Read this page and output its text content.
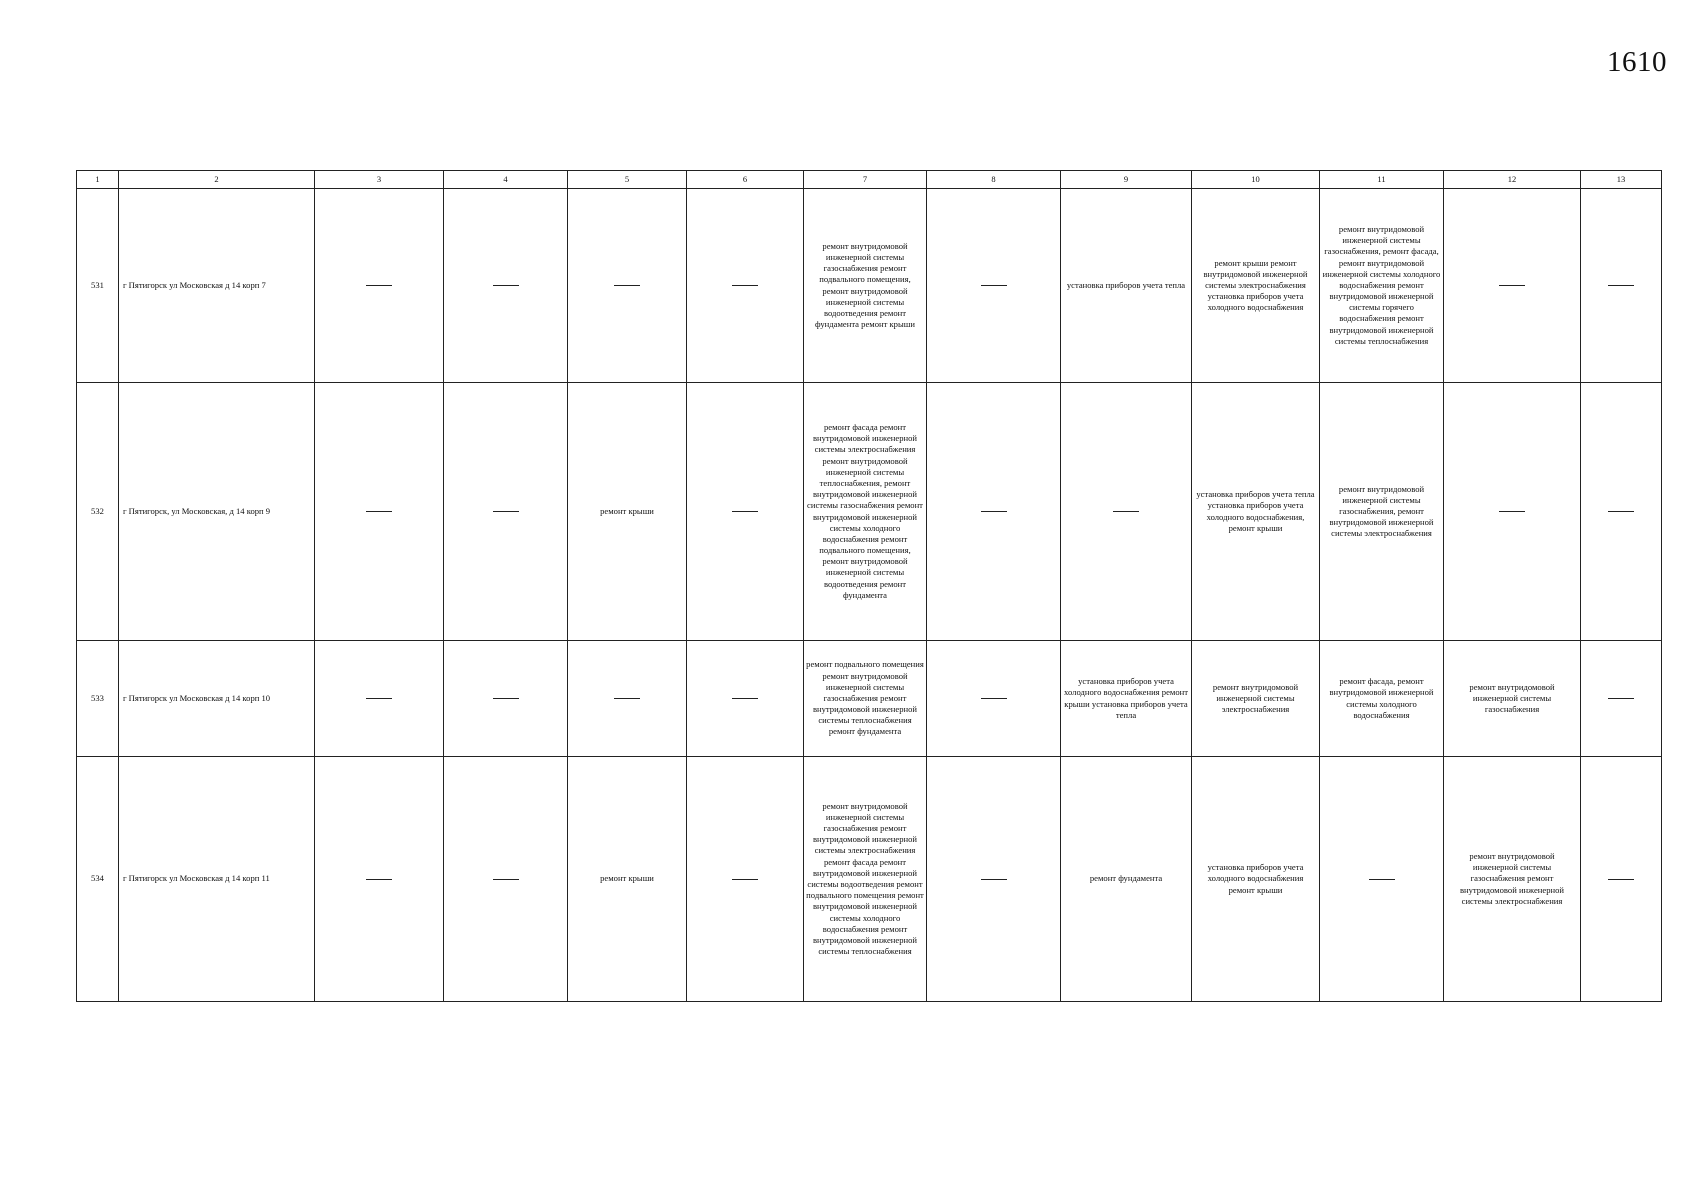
1610
1	2	3	4	5	6	7	8	9	10	11	12	13
531	г Пятигорск ул Московская д 14 корп 7					ремонт внутридомовой инженерной системы газоснабжения ремонт подвального помещения, ремонт внутридомовой инженерной системы водоотведения ремонт фундамента ремонт крыши		установка приборов учета тепла	ремонт крыши ремонт внутридомовой инженерной системы электроснабжения установка приборов учета холодного водоснабжения	ремонт внутридомовой инженерной системы газоснабжения, ремонт фасада, ремонт внутридомовой инженерной системы холодного водоснабжения ремонт внутридомовой инженерной системы горячего водоснабжения ремонт внутридомовой инженерной системы теплоснабжения		
532	г Пятигорск, ул Московская, д 14 корп 9			ремонт крыши		ремонт фасада ремонт внутридомовой инженерной системы электроснабжения ремонт внутридомовой инженерной системы теплоснабжения, ремонт внутридомовой инженерной системы газоснабжения ремонт внутридомовой инженерной системы холодного водоснабжения ремонт подвального помещения, ремонт внутридомовой инженерной системы водоотведения ремонт фундамента			установка приборов учета тепла установка приборов учета холодного водоснабжения, ремонт крыши	ремонт внутридомовой инженерной системы газоснабжения, ремонт внутридомовой инженерной системы электроснабжения		
533	г Пятигорск ул Московская д 14 корп 10					ремонт подвального помещения ремонт внутридомовой инженерной системы газоснабжения ремонт внутридомовой инженерной системы теплоснабжения ремонт фундамента		установка приборов учета холодного водоснабжения ремонт крыши установка приборов учета тепла	ремонт внутридомовой инженерной системы электроснабжения	ремонт фасада, ремонт внутридомовой инженерной системы холодного водоснабжения	ремонт внутридомовой инженерной системы газоснабжения	
534	г Пятигорск ул Московская д 14 корп 11			ремонт крыши		ремонт внутридомовой инженерной системы газоснабжения ремонт внутридомовой инженерной системы электроснабжения ремонт фасада ремонт внутридомовой инженерной системы водоотведения ремонт подвального помещения ремонт внутридомовой инженерной системы холодного водоснабжения ремонт внутридомовой инженерной системы теплоснабжения		ремонт фундамента	установка приборов учета холодного водоснабжения ремонт крыши		ремонт внутридомовой инженерной системы газоснабжения ремонт внутридомовой инженерной системы электроснабжения	
